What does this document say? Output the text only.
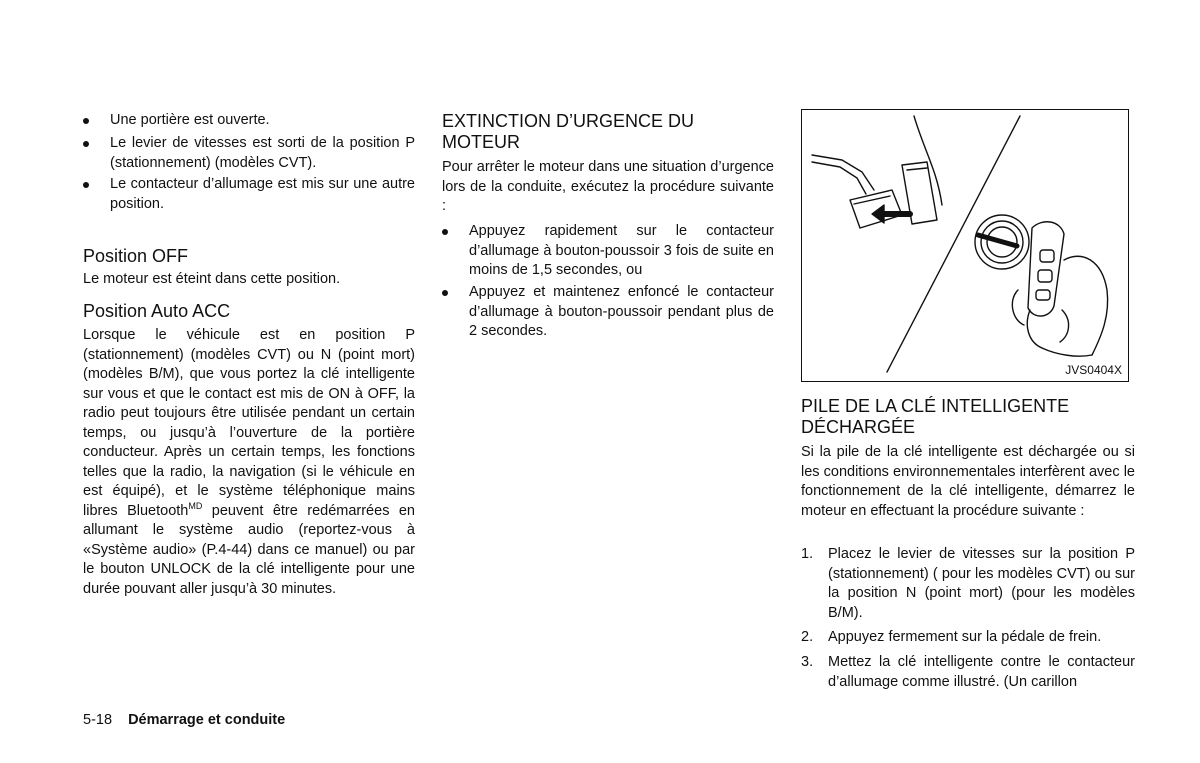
Une portière est ouverte.
Le levier de vitesses est sorti de la position P (stationnement) (modèles CVT).
Le contacteur d’allumage est mis sur une autre position.
Position OFF

Le moteur est éteint dans cette position.

Position Auto ACC

Lorsque le véhicule est en position P (stationnement) (modèles CVT) ou N (point mort) (modèles B/M), que vous portez la clé intelligente sur vous et que le contact est mis de ON à OFF, la radio peut toujours être utilisée pendant un certain temps, ou jusqu’à l’ouverture de la portière conducteur. Après un certain temps, les fonctions telles que la radio, la navigation (si le véhicule en est équipé), et le système téléphonique mains libres Bluetooth$^{MD}$ peuvent être redémarrées en allumant le système audio (reportez-vous à «Système audio» (P.4-44) dans ce manuel) ou par le bouton UNLOCK de la clé intelligente pour une durée pouvant aller jusqu’à 30 minutes.

EXTINCTION D’URGENCE DU MOTEUR

Pour arrêter le moteur dans une situation d’urgence lors de la conduite, exécutez la procédure suivante :

Appuyez rapidement sur le contacteur d’allumage à bouton-poussoir 3 fois de suite en moins de 1,5 secondes, ou
Appuyez et maintenez enfoncé le contacteur d’allumage à bouton-poussoir pendant plus de 2 secondes.
JVS0404X
PILE DE LA CLÉ INTELLIGENTE DÉCHARGÉE

Si la pile de la clé intelligente est déchargée ou si les conditions environnementales interfèrent avec le fonctionnement de la clé intelligente, démarrez le moteur en effectuant la procédure suivante :

1. Placez le levier de vitesses sur la position P (stationnement) ( pour les modèles CVT) ou sur la position N (point mort) (pour les modèles B/M).
2. Appuyez fermement sur la pédale de frein.
3. Mettez la clé intelligente contre le contacteur d’allumage comme illustré. (Un carillon
5-18 Démarrage et conduite
